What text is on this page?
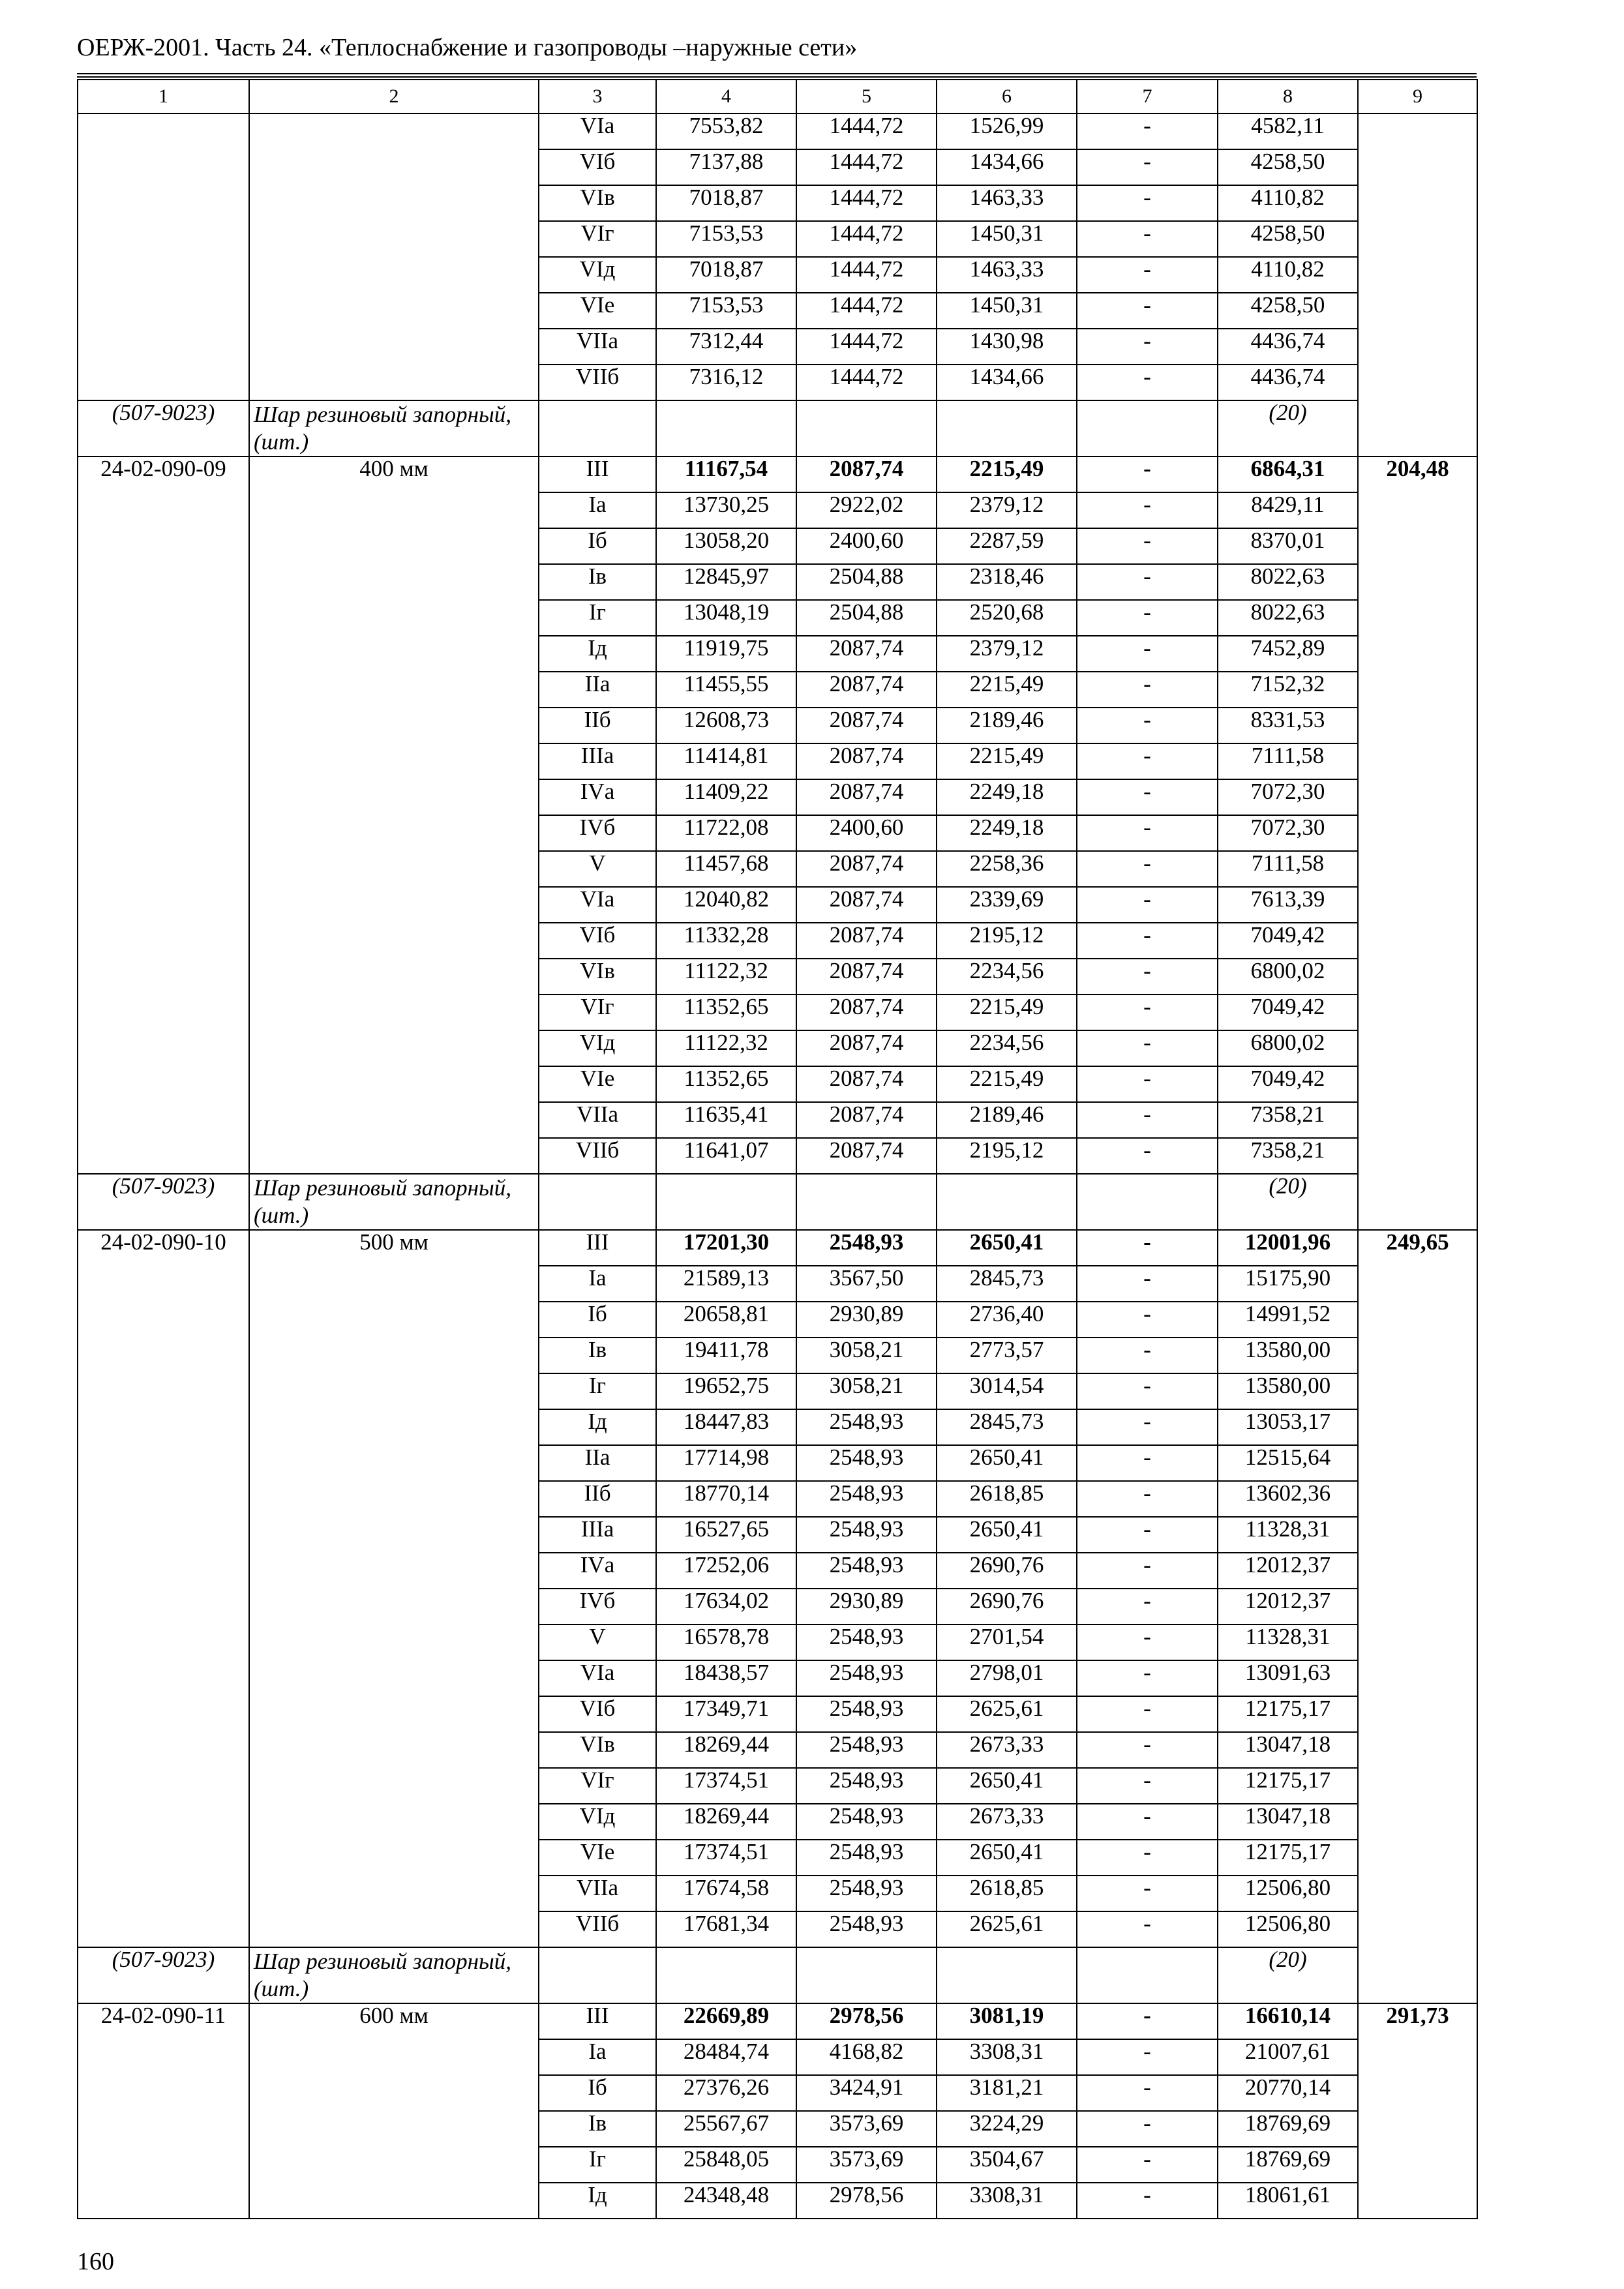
ОЕРЖ-2001. Часть 24. «Теплоснабжение и газопроводы –наружные сети»
1	2	3	4	5	6	7	8	9
		VIа	7553,82	1444,72	1526,99	-	4582,11	
		VIб	7137,88	1444,72	1434,66	-	4258,50	
		VIв	7018,87	1444,72	1463,33	-	4110,82	
		VIг	7153,53	1444,72	1450,31	-	4258,50	
		VIд	7018,87	1444,72	1463,33	-	4110,82	
		VIе	7153,53	1444,72	1450,31	-	4258,50	
		VIIа	7312,44	1444,72	1430,98	-	4436,74	
		VIIб	7316,12	1444,72	1434,66	-	4436,74	
(507-9023)	Шар резиновый запорный, (шт.)						(20)	
24-02-090-09	400 мм	III	11167,54	2087,74	2215,49	-	6864,31	204,48
		Iа	13730,25	2922,02	2379,12	-	8429,11	
		Iб	13058,20	2400,60	2287,59	-	8370,01	
		Iв	12845,97	2504,88	2318,46	-	8022,63	
		Iг	13048,19	2504,88	2520,68	-	8022,63	
		Iд	11919,75	2087,74	2379,12	-	7452,89	
		IIа	11455,55	2087,74	2215,49	-	7152,32	
		IIб	12608,73	2087,74	2189,46	-	8331,53	
		IIIа	11414,81	2087,74	2215,49	-	7111,58	
		IVа	11409,22	2087,74	2249,18	-	7072,30	
		IVб	11722,08	2400,60	2249,18	-	7072,30	
		V	11457,68	2087,74	2258,36	-	7111,58	
		VIа	12040,82	2087,74	2339,69	-	7613,39	
		VIб	11332,28	2087,74	2195,12	-	7049,42	
		VIв	11122,32	2087,74	2234,56	-	6800,02	
		VIг	11352,65	2087,74	2215,49	-	7049,42	
		VIд	11122,32	2087,74	2234,56	-	6800,02	
		VIе	11352,65	2087,74	2215,49	-	7049,42	
		VIIа	11635,41	2087,74	2189,46	-	7358,21	
		VIIб	11641,07	2087,74	2195,12	-	7358,21	
(507-9023)	Шар резиновый запорный, (шт.)						(20)	
24-02-090-10	500 мм	III	17201,30	2548,93	2650,41	-	12001,96	249,65
		Iа	21589,13	3567,50	2845,73	-	15175,90	
		Iб	20658,81	2930,89	2736,40	-	14991,52	
		Iв	19411,78	3058,21	2773,57	-	13580,00	
		Iг	19652,75	3058,21	3014,54	-	13580,00	
		Iд	18447,83	2548,93	2845,73	-	13053,17	
		IIа	17714,98	2548,93	2650,41	-	12515,64	
		IIб	18770,14	2548,93	2618,85	-	13602,36	
		IIIа	16527,65	2548,93	2650,41	-	11328,31	
		IVа	17252,06	2548,93	2690,76	-	12012,37	
		IVб	17634,02	2930,89	2690,76	-	12012,37	
		V	16578,78	2548,93	2701,54	-	11328,31	
		VIа	18438,57	2548,93	2798,01	-	13091,63	
		VIб	17349,71	2548,93	2625,61	-	12175,17	
		VIв	18269,44	2548,93	2673,33	-	13047,18	
		VIг	17374,51	2548,93	2650,41	-	12175,17	
		VIд	18269,44	2548,93	2673,33	-	13047,18	
		VIе	17374,51	2548,93	2650,41	-	12175,17	
		VIIа	17674,58	2548,93	2618,85	-	12506,80	
		VIIб	17681,34	2548,93	2625,61	-	12506,80	
(507-9023)	Шар резиновый запорный, (шт.)						(20)	
24-02-090-11	600 мм	III	22669,89	2978,56	3081,19	-	16610,14	291,73
		Iа	28484,74	4168,82	3308,31	-	21007,61	
		Iб	27376,26	3424,91	3181,21	-	20770,14	
		Iв	25567,67	3573,69	3224,29	-	18769,69	
		Iг	25848,05	3573,69	3504,67	-	18769,69	
		Iд	24348,48	2978,56	3308,31	-	18061,61	
160
